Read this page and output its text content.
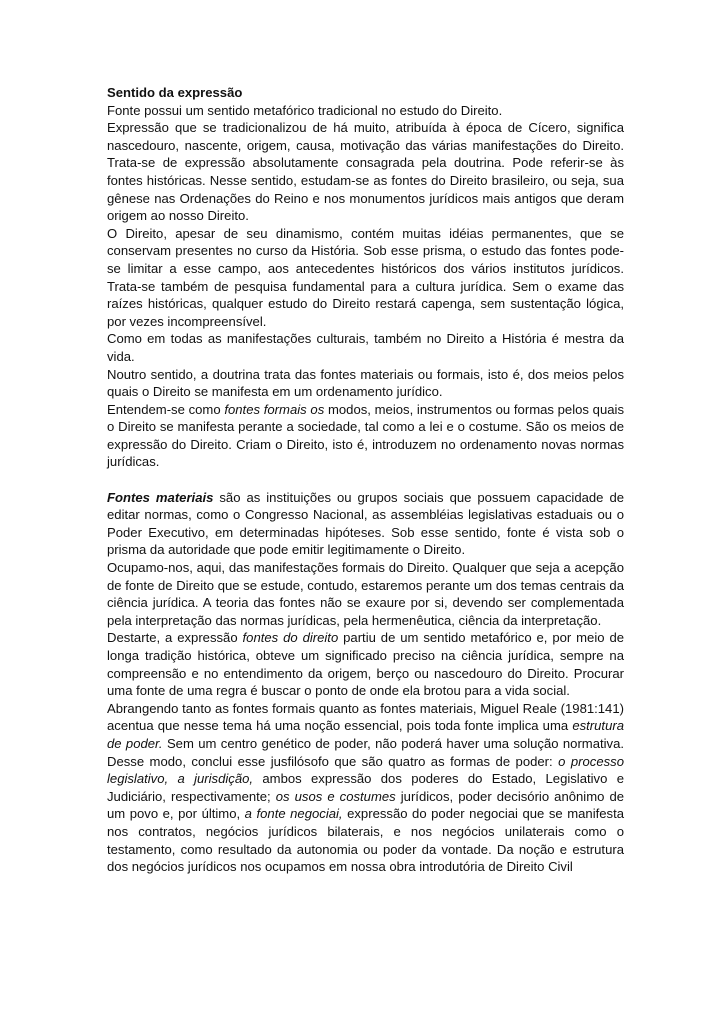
Sentido da expressão

Fonte possui um sentido metafórico tradicional no estudo do Direito.

Expressão que se tradicionalizou de há muito, atribuída à época de Cícero, significa nascedouro, nascente, origem, causa, motivação das várias manifestações do Direito. Trata-se de expressão absolutamente consagrada pela doutrina. Pode referir-se às fontes históricas. Nesse sentido, estudam-se as fontes do Direito brasileiro, ou seja, sua gênese nas Ordenações do Reino e nos monumentos jurídicos mais antigos que deram origem ao nosso Direito.

O Direito, apesar de seu dinamismo, contém muitas idéias permanentes, que se conservam presentes no curso da História. Sob esse prisma, o estudo das fontes pode-se limitar a esse campo, aos antecedentes históricos dos vários institutos jurídicos. Trata-se também de pesquisa fundamental para a cultura jurídica. Sem o exame das raízes históricas, qualquer estudo do Direito restará capenga, sem sustentação lógica, por vezes incompreensível.

Como em todas as manifestações culturais, também no Direito a História é mestra da vida.

Noutro sentido, a doutrina trata das fontes materiais ou formais, isto é, dos meios pelos quais o Direito se manifesta em um ordenamento jurídico.

Entendem-se como fontes formais os modos, meios, instrumentos ou formas pelos quais o Direito se manifesta perante a sociedade, tal como a lei e o costume. São os meios de expressão do Direito. Criam o Direito, isto é, introduzem no ordenamento novas normas jurídicas.

Fontes materiais são as instituições ou grupos sociais que possuem capacidade de editar normas, como o Congresso Nacional, as assembléias legislativas estaduais ou o Poder Executivo, em determinadas hipóteses. Sob esse sentido, fonte é vista sob o prisma da autoridade que pode emitir legitimamente o Direito.

Ocupamo-nos, aqui, das manifestações formais do Direito. Qualquer que seja a acepção de fonte de Direito que se estude, contudo, estaremos perante um dos temas centrais da ciência jurídica. A teoria das fontes não se exaure por si, devendo ser complementada pela interpretação das normas jurídicas, pela hermenêutica, ciência da interpretação.

Destarte, a expressão fontes do direito partiu de um sentido metafórico e, por meio de longa tradição histórica, obteve um significado preciso na ciência jurídica, sempre na compreensão e no entendimento da origem, berço ou nascedouro do Direito. Procurar uma fonte de uma regra é buscar o ponto de onde ela brotou para a vida social.

Abrangendo tanto as fontes formais quanto as fontes materiais, Miguel Reale (1981:141) acentua que nesse tema há uma noção essencial, pois toda fonte implica uma estrutura de poder. Sem um centro genético de poder, não poderá haver uma solução normativa. Desse modo, conclui esse jusfilósofo que são quatro as formas de poder: o processo legislativo, a jurisdição, ambos expressão dos poderes do Estado, Legislativo e Judiciário, respectivamente; os usos e costumes jurídicos, poder decisório anônimo de um povo e, por último, a fonte negociai, expressão do poder negociai que se manifesta nos contratos, negócios jurídicos bilaterais, e nos negócios unilaterais como o testamento, como resultado da autonomia ou poder da vontade. Da noção e estrutura dos negócios jurídicos nos ocupamos em nossa obra introdutória de Direito Civil
